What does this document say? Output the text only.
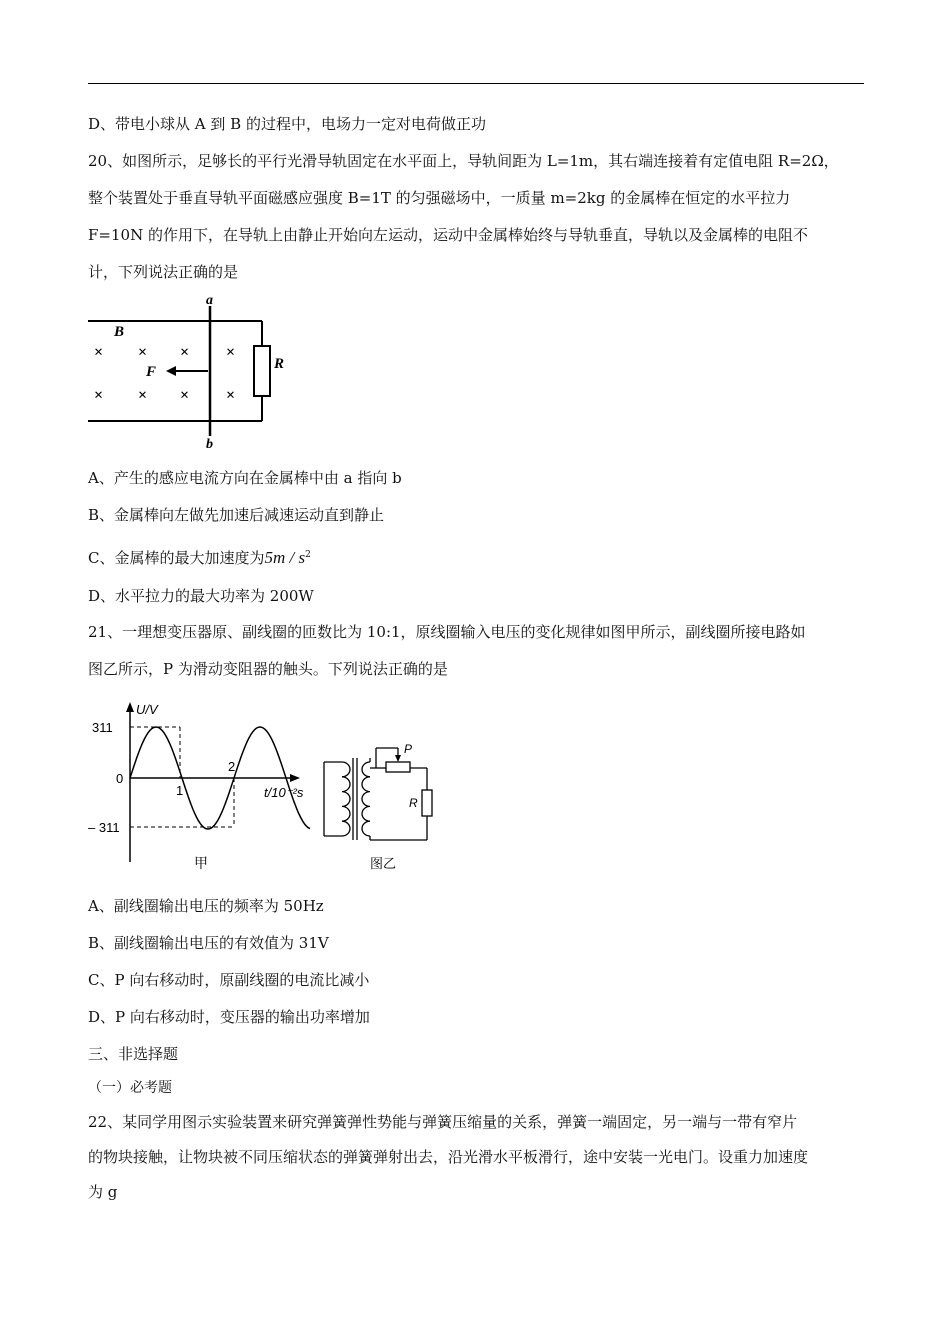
D、带电小球从 A 到 B 的过程中，电场力一定对电荷做正功
20、如图所示，足够长的平行光滑导轨固定在水平面上，导轨间距为 L=1m，其右端连接着有定值电阻 R=2Ω，
整个装置处于垂直导轨平面磁感应强度 B=1T 的匀强磁场中，一质量 m=2kg 的金属棒在恒定的水平拉力
F=10N 的作用下，在导轨上由静止开始向左运动，运动中金属棒始终与导轨垂直，导轨以及金属棒的电阻不
计，下列说法正确的是
a
b
B
R
F
× × × ×
× × × ×
A、产生的感应电流方向在金属棒中由 a 指向 b
B、金属棒向左做先加速后减速运动直到静止
C、金属棒的最大加速度为$5m / s^2$
D、水平拉力的最大功率为 200W
21、一理想变压器原、副线圈的匝数比为 10:1，原线圈输入电压的变化规律如图甲所示，副线圈所接电路如
图乙所示，P 为滑动变阻器的触头。下列说法正确的是
U/V
311
0
– 311
1
2
t/10⁻²s
甲
P
R
图乙
A、副线圈输出电压的频率为 50Hz
B、副线圈输出电压的有效值为 31V
C、P 向右移动时，原副线圈的电流比减小
D、P 向右移动时，变压器的输出功率增加
三、非选择题
（一）必考题
22、某同学用图示实验装置来研究弹簧弹性势能与弹簧压缩量的关系，弹簧一端固定，另一端与一带有窄片
的物块接触，让物块被不同压缩状态的弹簧弹射出去，沿光滑水平板滑行，途中安装一光电门。设重力加速度
为 g
